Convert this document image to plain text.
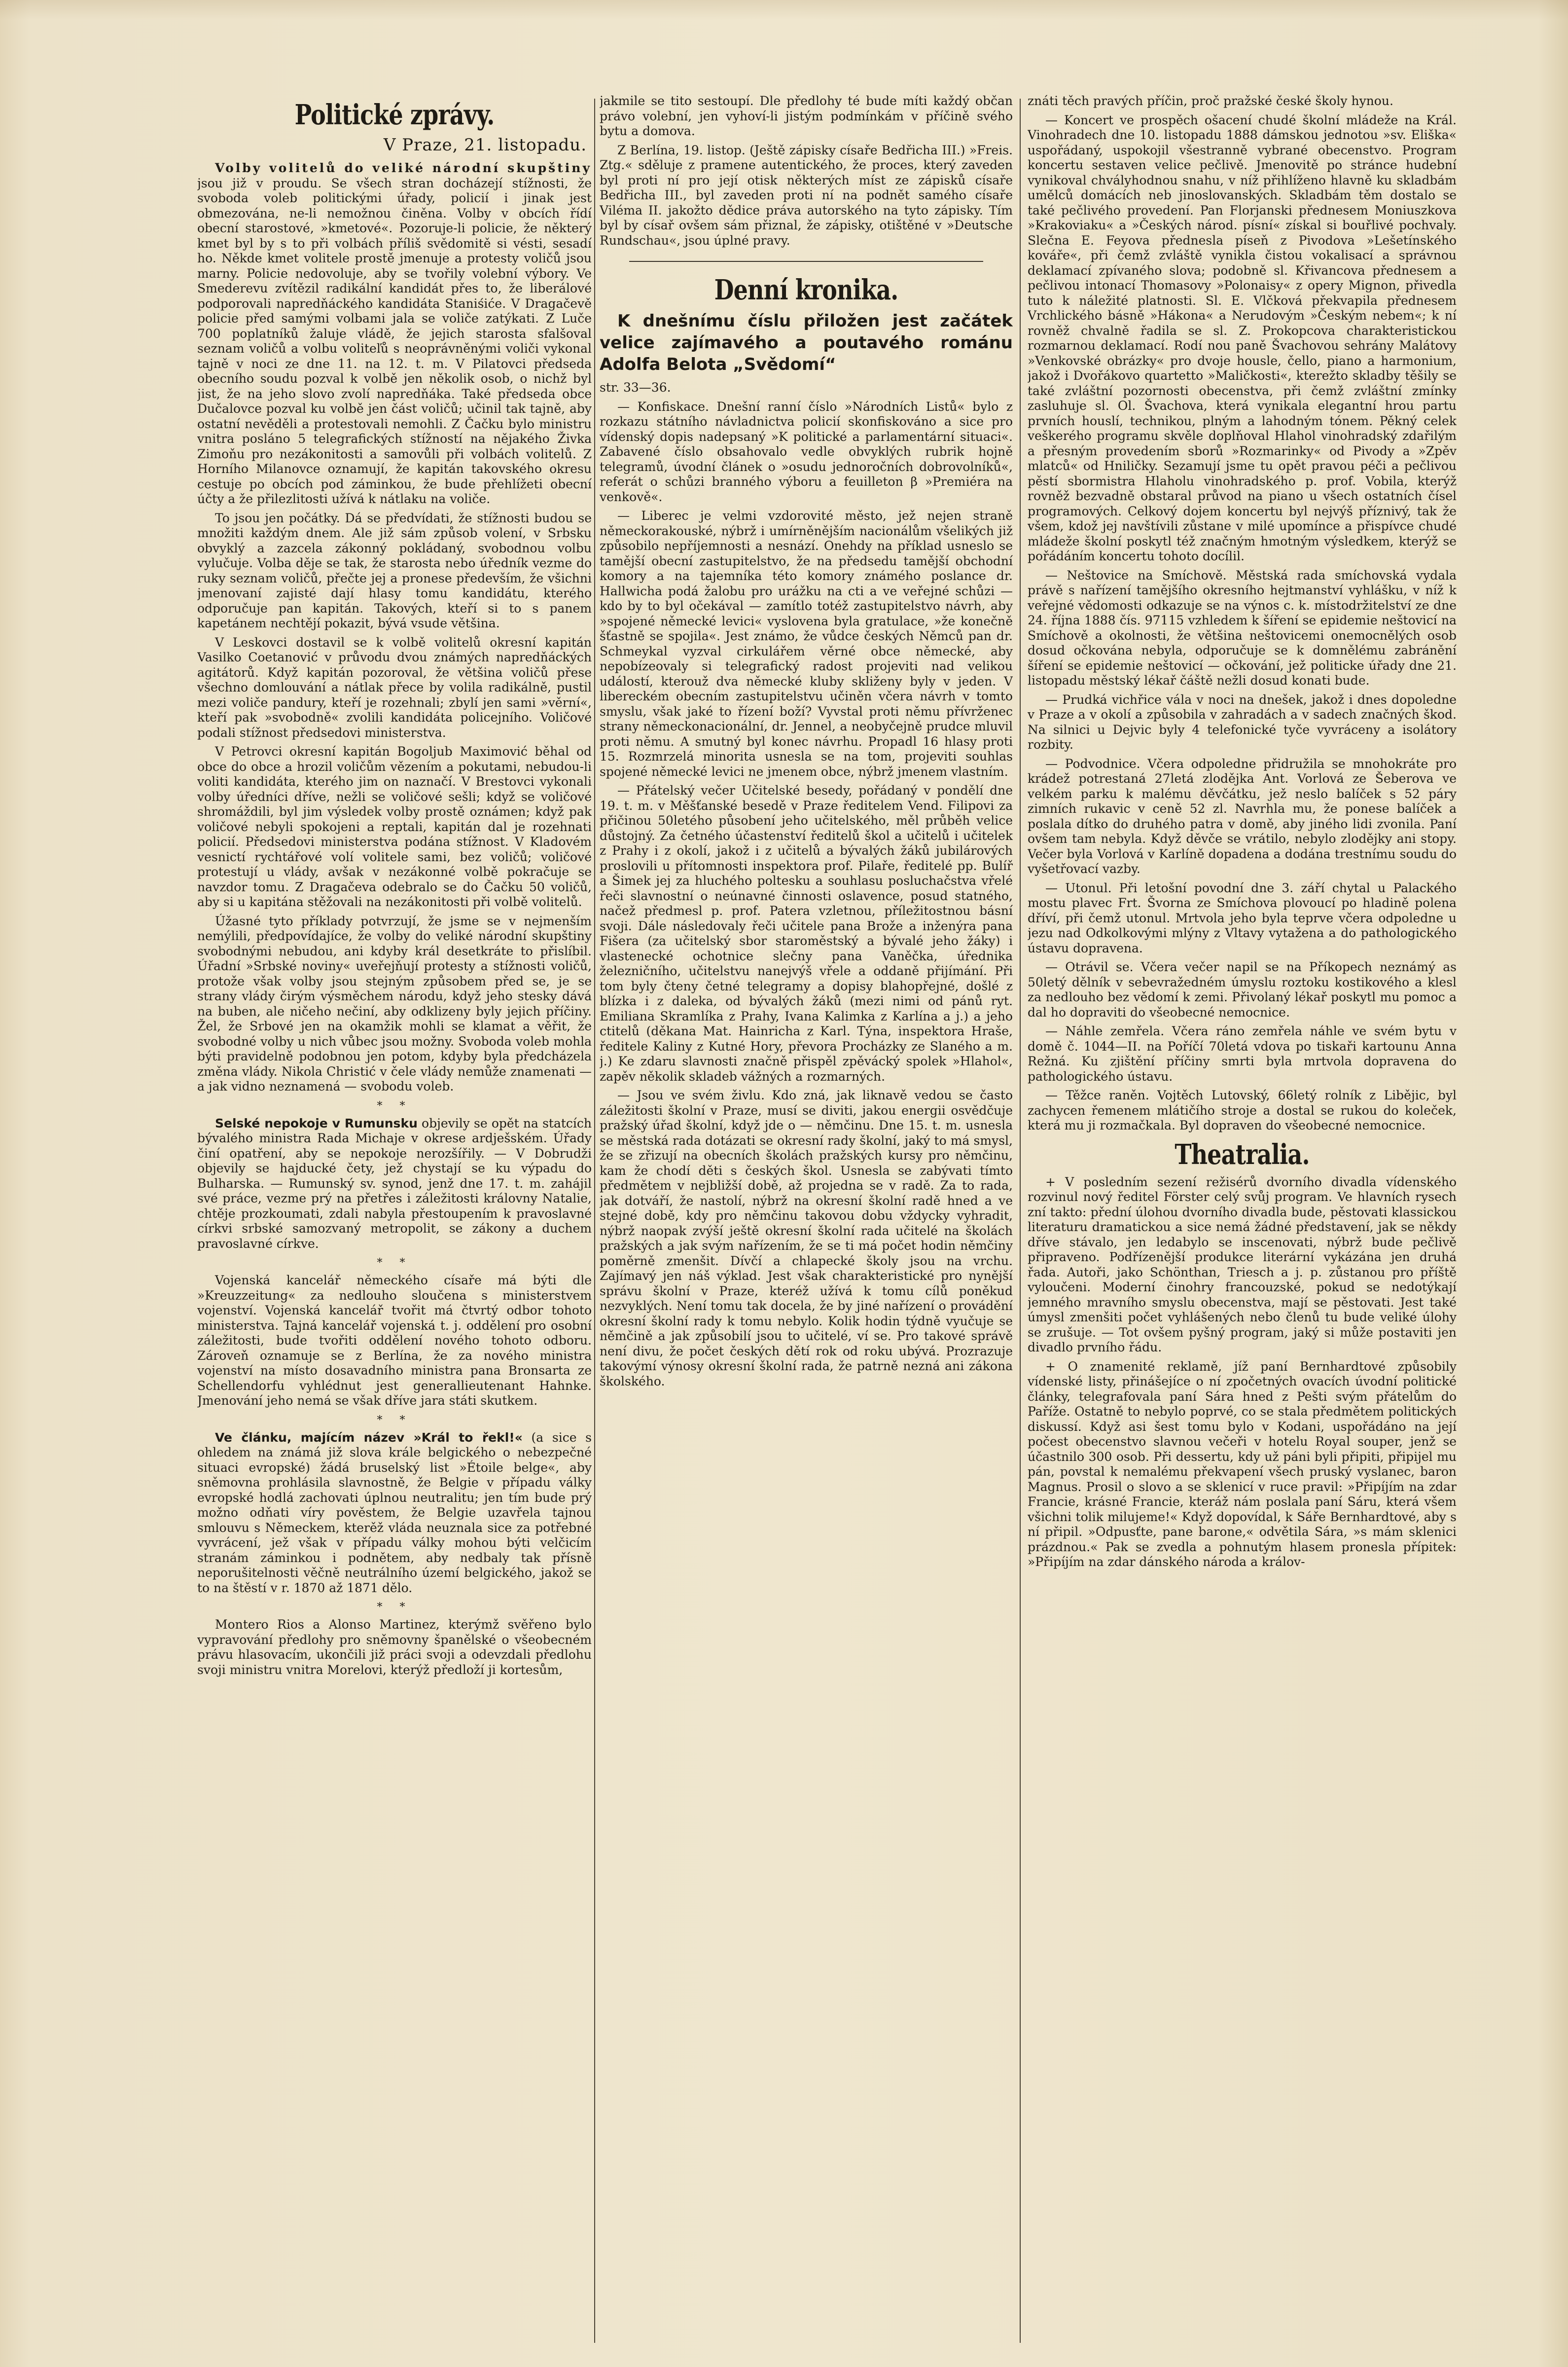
Politické zprávy.
V Praze, 21. listopadu.

Volby volitelů do veliké národní skupštiny jsou již v proudu. Se všech stran docházejí stížnosti, že svoboda voleb politickými úřady, policií i jinak jest obmezována, ne-li nemožnou činěna. Volby v obcích řídí obecní starostové, »kmetové«. Pozoruje-li policie, že některý kmet byl by s to při volbách příliš svědomitě si vésti, sesadí ho. Někde kmet volitele prostě jmenuje a protesty voličů jsou marny. Policie nedovoluje, aby se tvořily volební výbory. Ve Smederevu zvítězil radikální kandidát přes to, že liberálové podporovali napredňáckého kandidáta Staniśiće. V Dragačevě policie před samými volbami jala se voliče zatýkati. Z Luče 700 poplatníků žaluje vládě, že jejich starosta sfalšoval seznam voličů a volbu voliteľů s neoprávněnými voliči vykonal tajně v noci ze dne 11. na 12. t. m. V Pilatovci předseda obecního soudu pozval k volbě jen několik osob, o nichž byl jist, že na jeho slovo zvolí napredňáka. Také předseda obce Dučalovce pozval ku volbě jen část voličů; učinil tak tajně, aby ostatní nevěděli a protestovali nemohli. Z Čačku bylo ministru vnitra posláno 5 telegrafických stížností na nějakého Živka Zimoňu pro nezákonitosti a samovůli při volbách volitelů. Z Horního Milanovce oznamují, že kapitán takovského okresu cestuje po obcích pod záminkou, že bude přehlížeti obecní účty a že přilezlitosti užívá k nátlaku na voliče.

To jsou jen počátky. Dá se předvídati, že stížnosti budou se množiti každým dnem. Ale již sám způsob volení, v Srbsku obvyklý a zazcela zákonný pokládaný, svobodnou volbu vylučuje. Volba děje se tak, že starosta nebo úředník vezme do ruky seznam voličů, přečte jej a pronese především, že všichni jmenovaní zajisté dají hlasy tomu kandidátu, kterého odporučuje pan kapitán. Takových, kteří si to s panem kapetánem nechtějí pokazit, bývá vsude většina.

V Leskovci dostavil se k volbě volitelů okresní kapitán Vasilko Coetanović v průvodu dvou známých napredňáckých agitátorů. Když kapitán pozoroval, že většina voličů přese všechno domlouvání a nátlak přece by volila radikálně, pustil mezi voliče pandury, kteří je rozehnali; zbylí jen sami »věrní«, kteří pak »svobodně« zvolili kandidáta policejního. Voličové podali stížnost předsedovi ministerstva.

V Petrovci okresní kapitán Bogoljub Maximović běhal od obce do obce a hrozil voličům vězením a pokutami, nebudou-li voliti kandidáta, kterého jim on naznačí. V Brestovci vykonali volby úředníci dříve, nežli se voličové sešli; když se voličové shromáždili, byl jim výsledek volby prostě oznámen; když pak voličové nebyli spokojeni a reptali, kapitán dal je rozehnati policií. Předsedovi ministerstva podána stížnost. V Kladovém vesnictí rychtářové volí volitele sami, bez voličů; voličové protestují u vlády, avšak v nezákonné volbě pokračuje se navzdor tomu. Z Dragačeva odebralo se do Čačku 50 voličů, aby si u kapitána stěžovali na nezákonitosti při volbě volitelů.

Úžasné tyto příklady potvrzují, že jsme se v nejmenším nemýlili, předpovídajíce, že volby do veliké národní skupštiny svobodnými nebudou, ani kdyby král desetkráte to přislíbil. Úřadní »Srbské noviny« uveřejňují protesty a stížnosti voličů, protože však volby jsou stejným způsobem před se, je se strany vlády čirým výsměchem národu, když jeho stesky dává na buben, ale ničeho nečiní, aby odklizeny byly jejich příčiny. Žel, že Srbové jen na okamžik mohli se klamat a věřit, že svobodné volby u nich vůbec jsou možny. Svoboda voleb mohla býti pravidelně podobnou jen potom, kdyby byla předcházela změna vlády. Nikola Christić v čele vlády nemůže znamenati — a jak vidno neznamená — svobodu voleb.

* *

Selské nepokoje v Rumunsku objevily se opět na statcích bývalého ministra Rada Michaje v okrese ardješském. Úřady činí opatření, aby se nepokoje nerozšířily. — V Dobrudži objevily se hajducké čety, jež chystají se ku výpadu do Bulharska. — Rumunský sv. synod, jenž dne 17. t. m. zahájil své práce, vezme prý na přetřes i záležitosti královny Natalie, chtěje prozkoumati, zdali nabyla přestoupením k pravoslavné církvi srbské samozvaný metropolit, se zákony a duchem pravoslavné církve.

* *

Vojenská kancelář německého císaře má býti dle »Kreuzzeitung« za nedlouho sloučena s ministerstvem vojenství. Vojenská kancelář tvořit má čtvrtý odbor tohoto ministerstva. Tajná kancelář vojenská t. j. oddělení pro osobní záležitosti, bude tvořiti oddělení nového tohoto odboru. Zároveň oznamuje se z Berlína, že za nového ministra vojenství na místo dosavadního ministra pana Bronsarta ze Schellendorfu vyhlédnut jest generallieutenant Hahnke. Jmenování jeho nemá se však dříve jara státi skutkem.

* *

Ve článku, majícím název »Král to řekl!« (a sice s ohledem na známá již slova krále belgického o nebezpečné situaci evropské) žádá bruselský list »Étoile belge«, aby sněmovna prohlásila slavnostně, že Belgie v případu války evropské hodlá zachovati úplnou neutralitu; jen tím bude prý možno odňati víry pověstem, že Belgie uzavřela tajnou smlouvu s Německem, kterěž vláda neuznala sice za potřebné vyvrácení, jež však v případu války mohou býti velčicím stranám záminkou i podnětem, aby nedbaly tak přísně neporušitelnosti věčně neutrálního území belgického, jakož se to na štěstí v r. 1870 až 1871 dělo.

* *

Montero Rios a Alonso Martinez, kterýmž svěřeno bylo vypravování předlohy pro sněmovny španělské o všeobecném právu hlasovacím, ukončili již práci svoji a odevzdali předlohu svoji ministru vnitra Morelovi, kterýž předloží ji kortesům,

jakmile se tito sestoupí. Dle předlohy té bude míti každý občan právo volební, jen vyhoví-li jistým podmínkám v příčině svého bytu a domova.

Z Berlína, 19. listop. (Ještě zápisky císaře Bedřicha III.) »Freis. Ztg.« sděluje z pramene autentického, že proces, který zaveden byl proti ní pro její otisk některých míst ze zápisků císaře Bedřicha III., byl zaveden proti ní na podnět samého císaře Viléma II. jakožto dědice práva autorského na tyto zápisky. Tím byl by císař ovšem sám přiznal, že zápisky, otištěné v »Deutsche Rundschau«, jsou úplné pravy.

Denní kronika.

K dnešnímu číslu přiložen jest začátek velice zajímavého a poutavého románu Adolfa Belota „Svědomí“

str. 33—36.

— Konfiskace. Dnešní ranní číslo »Národních Listů« bylo z rozkazu státního návladnictva policií skonfiskováno a sice pro vídenský dopis nadepsaný »K politické a parlamentární situaci«. Zabavené číslo obsahovalo vedle obvyklých rubrik hojně telegramů, úvodní článek o »osudu jednoročních dobrovolníků«, referát o schůzi branného výboru a feuilleton β »Premiéra na venkově«.

— Liberec je velmi vzdorovité město, jež nejen straně německorakouské, nýbrž i umírněnějším nacionálům všelikých již způsobilo nepříjemnosti a nesnází. Onehdy na příklad usneslo se tamější obecní zastupitelstvo, že na předsedu tamější obchodní komory a na tajemníka této komory známého poslance dr. Hallwicha podá žalobu pro urážku na cti a ve veřejné schůzi — kdo by to byl očekával — zamítlo totéž zastupitelstvo návrh, aby »spojené německé levici« vyslovena byla gratulace, »že konečně šťastně se spojila«. Jest známo, že vůdce českých Němců pan dr. Schmeykal vyzval cirkulářem věrné obce německé, aby nepobízeovaly si telegrafický radost projeviti nad velikou událostí, kterouž dva německé kluby skliženy byly v jeden. V libereckém obecním zastupitelstvu učiněn včera návrh v tomto smyslu, však jaké to řízení boží? Vyvstal proti němu přívrženec strany německonacionální, dr. Jennel, a neobyčejně prudce mluvil proti němu. A smutný byl konec návrhu. Propadl 16 hlasy proti 15. Rozmrzelá minorita usnesla se na tom, projeviti souhlas spojené německé levici ne jmenem obce, nýbrž jmenem vlastním.

— Přátelský večer Učitelské besedy, pořádaný v pondělí dne 19. t. m. v Měšťanské besedě v Praze ředitelem Vend. Filipovi za přičinou 50letého působení jeho učitelského, měl průběh velice důstojný. Za četného účastenství ředitelů škol a učitelů i učitelek z Prahy i z okolí, jakož i z učitelů a bývalých žáků jubilárových proslovili u přítomnosti inspektora prof. Pilaře, ředitelé pp. Bulíř a Šimek jej za hluchého poltesku a souhlasu posluchačstva vřelé řeči slavnostní o neúnavné činnosti oslavence, posud statného, načež předmesl p. prof. Patera vzletnou, příležitostnou básní svoji. Dále následovaly řeči učitele pana Brože a inženýra pana Fišera (za učitelský sbor staroměstský a bývalé jeho žáky) i vlastenecké ochotnice slečny pana Vaněčka, úřednika železničního, učitelstvu nanejvýš vřele a oddaně přijímání. Při tom byly čteny četné telegramy a dopisy blahopřejné, došlé z blízka i z daleka, od bývalých žáků (mezi nimi od pánů ryt. Emiliana Skramlíka z Prahy, Ivana Kalimka z Karlína a j.) a jeho ctitelů (děkana Mat. Hainricha z Karl. Týna, inspektora Hraše, ředitele Kaliny z Kutné Hory, převora Procházky ze Slaného a m. j.) Ke zdaru slavnosti značně přispěl zpěvácký spolek »Hlahol«, zapěv několik skladeb vážných a rozmarných.

— Jsou ve svém živlu. Kdo zná, jak liknavě vedou se často záležitosti školní v Praze, musí se diviti, jakou energii osvědčuje pražský úřad školní, když jde o — němčinu. Dne 15. t. m. usnesla se městská rada dotázati se okresní rady školní, jaký to má smysl, že se zřizují na obecních školách pražských kursy pro němčinu, kam že chodí děti s českých škol. Usnesla se zabývati tímto předmětem v nejbližší době, až projedna se v radě. Za to rada, jak dotváří, že nastolí, nýbrž na okresní školní radě hned a ve stejné době, kdy pro němčinu takovou dobu vždycky vyhradit, nýbrž naopak zvýší ještě okresní školní rada učitelé na školách pražských a jak svým nařízením, že se ti má počet hodin němčiny poměrně zmenšit. Dívčí a chlapecké školy jsou na vrchu. Zajímavý jen náš výklad. Jest však charakteristické pro nynější správu školní v Praze, kteréž užívá k tomu cílů poněkud nezvyklých. Není tomu tak docela, že by jiné nařízení o provádění okresní školní rady k tomu nebylo. Kolik hodin týdně vyučuje se němčině a jak způsobilí jsou to učitelé, ví se. Pro takové správě není divu, že počet českých dětí rok od roku ubývá. Prozrazuje takovýmí výnosy okresní školní rada, že patrně nezná ani zákona školského.

znáti těch pravých příčin, proč pražské české školy hynou.

— Koncert ve prospěch ošacení chudé školní mládeže na Král. Vinohradech dne 10. listopadu 1888 dámskou jednotou »sv. Eliška« uspořádaný, uspokojil všestranně vybrané obecenstvo. Program koncertu sestaven velice pečlivě. Jmenovitě po stránce hudební vynikoval chvályhodnou snahu, v níž přihlíženo hlavně ku skladbám umělců domácích neb jinoslovanských. Skladbám těm dostalo se také pečlivého provedení. Pan Florjanski přednesem Moniuszkova »Krakoviaku« a »Českých národ. písní« získal si bouřlivé pochvaly. Slečna E. Feyova přednesla píseň z Pivodova »Lešetínského kováře«, při čemž zvláště vynikla čistou vokalisací a správnou deklamací zpívaného slova; podobně sl. Křivancova přednesem a pečlivou intonací Thomasovy »Polonaisy« z opery Mignon, přivedla tuto k náležité platnosti. Sl. E. Vlčková překvapila přednesem Vrchlického básně »Hákona« a Nerudovým »Českým nebem«; k ní rovněž chvalně řadila se sl. Z. Prokopcova charakteristickou rozmarnou deklamací. Rodí nou paně Švachovou sehrány Malátovy »Venkovské obrázky« pro dvoje housle, čello, piano a harmonium, jakož i Dvořákovo quartetto »Maličkosti«, kterežto skladby těšily se také zvláštní pozornosti obecenstva, při čemž zvláštní zmínky zasluhuje sl. Ol. Švachova, která vynikala elegantní hrou partu prvních houslí, technikou, plným a lahodným tónem. Pěkný celek veškerého programu skvěle doplňoval Hlahol vinohradský zdařilým a přesným provedením sborů »Rozmarinky« od Pivody a »Zpěv mlatců« od Hniličky. Sezamují jsme tu opět pravou péči a pečlivou pěstí sbormistra Hlaholu vinohradského p. prof. Vobila, kterýž rovněž bezvadně obstaral průvod na piano u všech ostatních čísel programových. Celkový dojem koncertu byl nejvýš příznivý, tak že všem, kdož jej navštívili zůstane v milé upomínce a přispívce chudé mládeže školní poskytl též značným hmotným výsledkem, kterýž se pořádáním koncertu tohoto docílil.

— Neštovice na Smíchově. Městská rada smíchovská vydala právě s nařízení tamějšího okresního hejtmanství vyhlášku, v níž k veřejné vědomosti odkazuje se na výnos c. k. místodržitelství ze dne 24. října 1888 čís. 97115 vzhledem k šíření se epidemie neštovicí na Smíchově a okolnosti, že většina neštovicemi onemocnělých osob dosud očkována nebyla, odporučuje se k domnělému zabránění šíření se epidemie neštovicí — očkování, jež politicke úřady dne 21. listopadu městský lékař čáště nežli dosud konati bude.

— Prudká vichřice vála v noci na dnešek, jakož i dnes dopoledne v Praze a v okolí a způsobila v zahradách a v sadech značných škod. Na silnici u Dejvic byly 4 telefonické tyče vyvráceny a isolátory rozbity.

— Podvodnice. Včera odpoledne přidružila se mnohokráte pro krádež potrestaná 27letá zlodějka Ant. Vorlová ze Šeberova ve velkém parku k malému děvčátku, jež neslo balíček s 52 páry zimních rukavic v ceně 52 zl. Navrhla mu, že ponese balíček a poslala dítko do druhého patra v domě, aby jiného lidi zvonila. Paní ovšem tam nebyla. Když děvče se vrátilo, nebylo zlodějky ani stopy. Večer byla Vorlová v Karlíně dopadena a dodána trestnímu soudu do vyšetřovací vazby.

— Utonul. Při letošní povodní dne 3. září chytal u Palackého mostu plavec Frt. Švorna ze Smíchova plovoucí po hladině polena dříví, při čemž utonul. Mrtvola jeho byla teprve včera odpoledne u jezu nad Odkolkovými mlýny z Vltavy vytažena a do pathologického ústavu dopravena.

— Otrávil se. Včera večer napil se na Příkopech neznámý as 50letý dělník v sebevražedném úmyslu roztoku kostikového a klesl za nedlouho bez vědomí k zemi. Přivolaný lékař poskytl mu pomoc a dal ho dopraviti do všeobecné nemocnice.

— Náhle zemřela. Včera ráno zemřela náhle ve svém bytu v domě č. 1044—II. na Poříčí 70letá vdova po tiskaři kartounu Anna Režná. Ku zjištění příčiny smrti byla mrtvola dopravena do pathologického ústavu.

— Těžce raněn. Vojtěch Lutovský, 66letý rolník z Libějic, byl zachycen řemenem mlátičího stroje a dostal se rukou do koleček, která mu ji rozmačkala. Byl dopraven do všeobecné nemocnice.

Theatralia.

+ V posledním sezení režisérů dvorního divadla vídenského rozvinul nový ředitel Förster celý svůj program. Ve hlavních rysech zní takto: přední úlohou dvorního divadla bude, pěstovati klassickou literaturu dramatickou a sice nemá žádné představení, jak se někdy dříve stávalo, jen ledabylo se inscenovati, nýbrž bude pečlivě připraveno. Podřízenější produkce literární vykázána jen druhá řada. Autoři, jako Schönthan, Triesch a j. p. zůstanou pro příště vyloučeni. Moderní činohry francouzské, pokud se nedotýkají jemného mravního smyslu obecenstva, mají se pěstovati. Jest také úmysl zmenšiti počet vyhlášených nebo členů tu bude veliké úlohy se zrušuje. — Tot ovšem pyšný program, jaký si může postaviti jen divadlo prvního řádu.

+ O znamenité reklamě, jíž paní Bernhardtové způsobily vídenské listy, přinášejíce o ní zpočetných ovacích úvodní politické články, telegrafovala paní Sára hned z Pešti svým přátelům do Paříže. Ostatně to nebylo poprvé, co se stala předmětem politických diskussí. Když asi šest tomu bylo v Kodani, uspořádáno na její počest obecenstvo slavnou večeři v hotelu Royal souper, jenž se účastnilo 300 osob. Při dessertu, kdy už páni byli připiti, připijel mu pán, povstal k nemalému překvapení všech pruský vyslanec, baron Magnus. Prosil o slovo a se sklenicí v ruce pravil: »Připíjím na zdar Francie, krásné Francie, kteráž nám poslala paní Sáru, která všem všichni tolik milujeme!« Když dopovídal, k Sáře Bernhardtové, aby s ní připil. »Odpusťte, pane barone,« odvětila Sára, »s mám sklenici prázdnou.« Pak se zvedla a pohnutým hlasem pronesla přípitek: »Připíjím na zdar dánského národa a králov-
